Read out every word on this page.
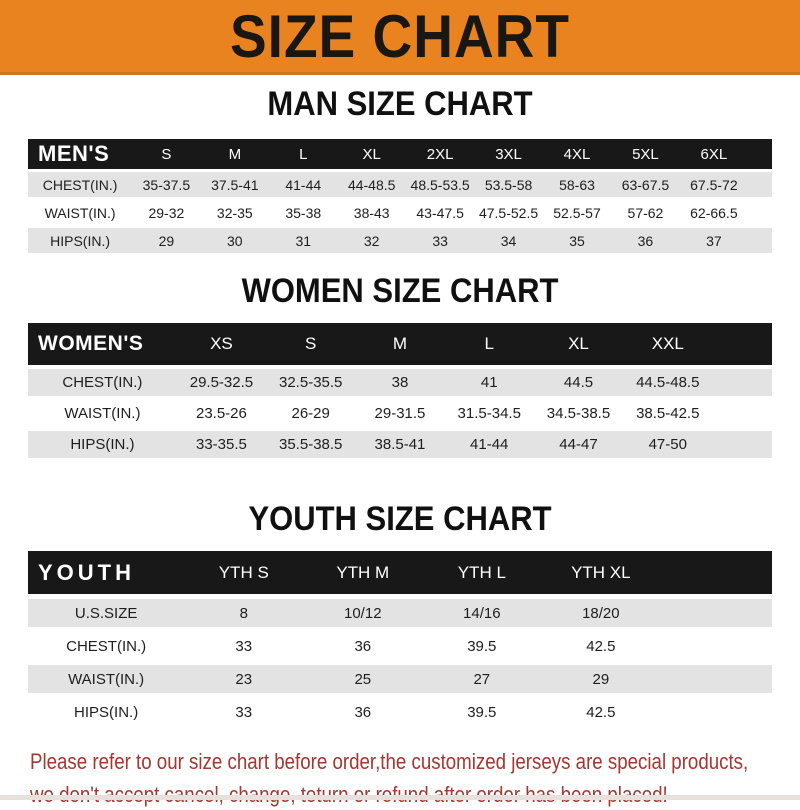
SIZE CHART
MAN SIZE CHART
MEN'S	S	M	L	XL	2XL	3XL	4XL	5XL	6XL	
CHEST(IN.)	35-37.5	37.5-41	41-44	44-48.5	48.5-53.5	53.5-58	58-63	63-67.5	67.5-72	
WAIST(IN.)	29-32	32-35	35-38	38-43	43-47.5	47.5-52.5	52.5-57	57-62	62-66.5	
HIPS(IN.)	29	30	31	32	33	34	35	36	37	
WOMEN SIZE CHART
WOMEN'S	XS	S	M	L	XL	XXL	
CHEST(IN.)	29.5-32.5	32.5-35.5	38	41	44.5	44.5-48.5	
WAIST(IN.)	23.5-26	26-29	29-31.5	31.5-34.5	34.5-38.5	38.5-42.5	
HIPS(IN.)	33-35.5	35.5-38.5	38.5-41	41-44	44-47	47-50	
YOUTH SIZE CHART
YOUTH	YTH S	YTH M	YTH L	YTH XL	
U.S.SIZE	8	10/12	14/16	18/20	
CHEST(IN.)	33	36	39.5	42.5	
WAIST(IN.)	23	25	27	29	
HIPS(IN.)	33	36	39.5	42.5	

Please refer to our size chart before order,the customized jerseys are special products,
